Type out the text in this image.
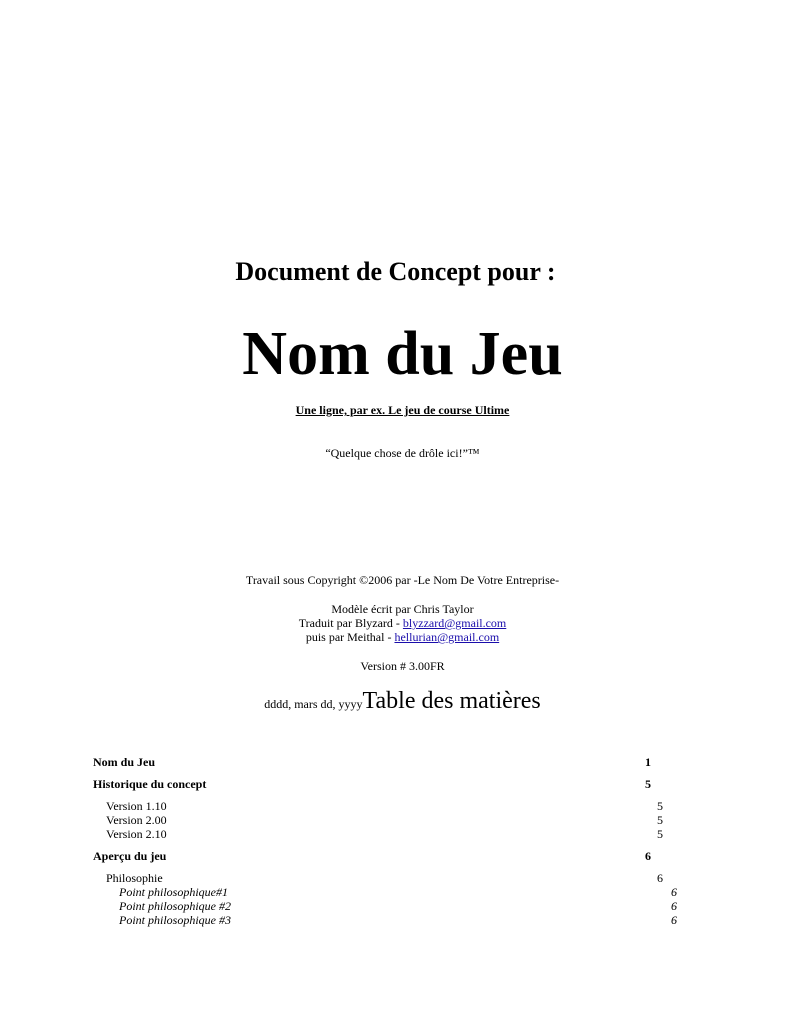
Document de Concept pour :
Nom du Jeu
Une ligne, par ex. Le jeu de course Ultime
“Quelque chose de drôle ici!”™
Travail sous Copyright ©2006 par -Le Nom De Votre Entreprise-
Modèle écrit par Chris Taylor
Traduit par Blyzard - blyzzard@gmail.com
puis par Meithal - hellurian@gmail.com
Version # 3.00FR
dddd, mars dd, yyyyTable des matières
Nom du Jeu	1
Historique du concept	5
Version 1.10	5
Version 2.00	5
Version 2.10	5
Aperçu du jeu	6
Philosophie	6
Point philosophique#1	6
Point philosophique #2	6
Point philosophique #3	6
